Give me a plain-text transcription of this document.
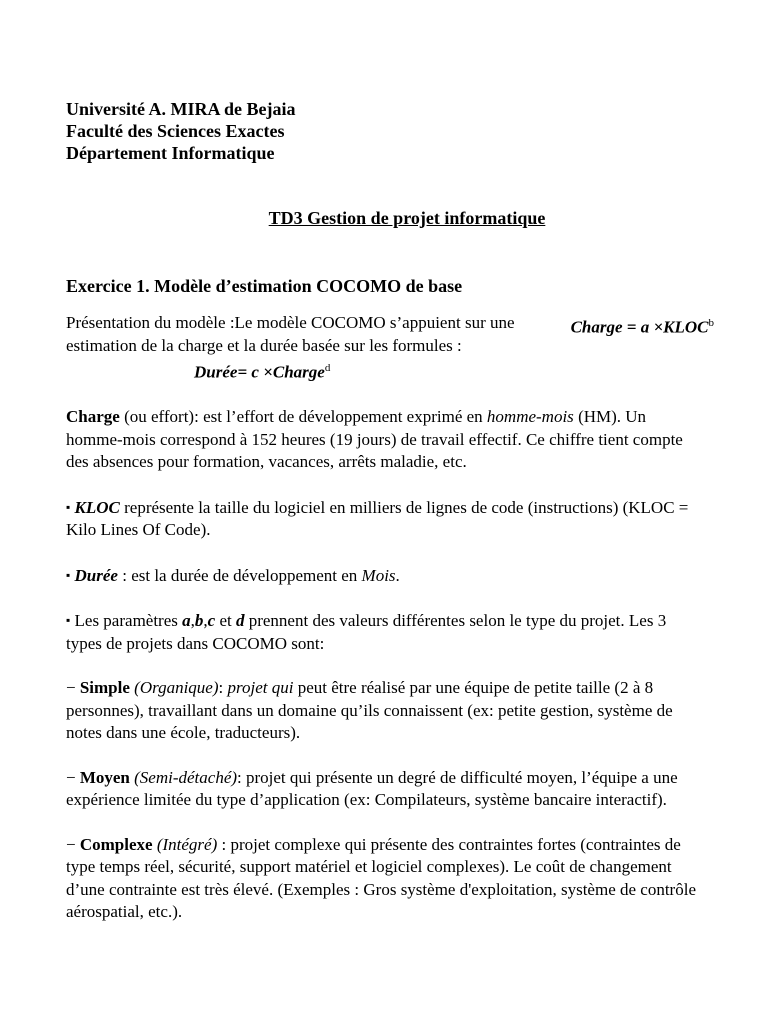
Université A. MIRA de Bejaia
Faculté des Sciences Exactes
Département Informatique
TD3 Gestion de projet informatique
Exercice 1. Modèle d’estimation COCOMO de base

Charge = $a \times KLOC^b$
Présentation du modèle :Le modèle COCOMO s’appuient sur une estimation de la charge et la durée basée sur les formules :
Durée= c ×Charge$^d$

Charge (ou effort): est l’effort de développement exprimé en homme-mois (HM). Un homme-mois correspond à 152 heures (19 jours) de travail effectif. Ce chiffre tient compte des absences pour formation, vacances, arrêts maladie, etc.

▪ KLOC représente la taille du logiciel en milliers de lignes de code (instructions) (KLOC = Kilo Lines Of Code).

▪ Durée : est la durée de développement en Mois.

▪ Les paramètres a,b,c et d prennent des valeurs différentes selon le type du projet. Les 3 types de projets dans COCOMO sont:

− Simple (Organique): projet qui peut être réalisé par une équipe de petite taille (2 à 8 personnes), travaillant dans un domaine qu’ils connaissent (ex: petite gestion, système de notes dans une école, traducteurs).

− Moyen (Semi-détaché): projet qui présente un degré de difficulté moyen, l’équipe a une expérience limitée du type d’application (ex: Compilateurs, système bancaire interactif).

− Complexe (Intégré) : projet complexe qui présente des contraintes fortes (contraintes de type temps réel, sécurité, support matériel et logiciel complexes). Le coût de changement d’une contrainte est très élevé. (Exemples : Gros système d'exploitation, système de contrôle aérospatial, etc.).
